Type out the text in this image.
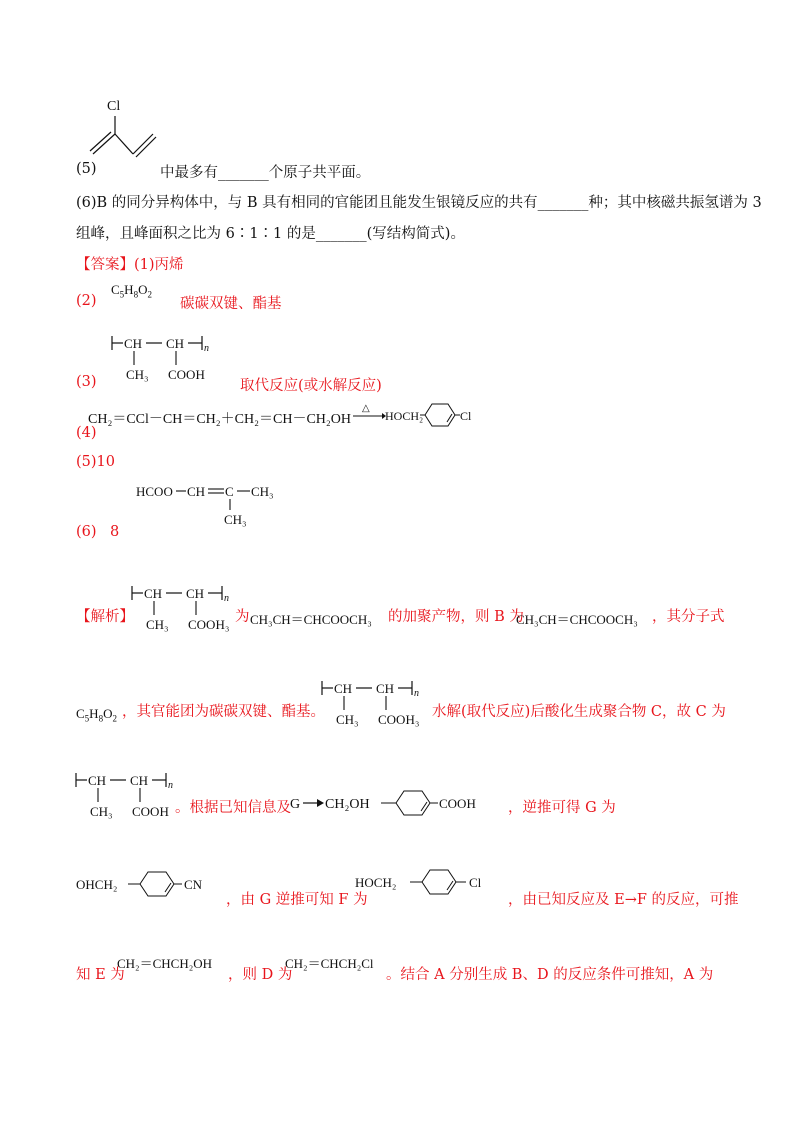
Cl
(5)	中最多有_______个原子共平面。
(6)B 的同分异构体中，与 B 具有相同的官能团且能发生银镜反应的共有_______种；其中核磁共振氢谱为 3
组峰，且峰面积之比为 6∶1∶1 的是_______(写结构简式)。
【答案】(1)丙烯
(2)
$C_5H_8O_2$
碳碳双键、酯基
CH CH n
CH₃ COOH
(3)	取代反应(或水解反应)
CH₂＝CCl－CH＝CH₂＋CH₂＝CH－CH₂OH
△
HOCH₂	Cl
(4)
(5)10
HCOO CH C CH₃
CH₃
(6) 8
【解析】
CH CH n
CH₃ COOH₃ 为 CH₃CH＝CHCOOCH₃ 的加聚产物，则 B 为
CH₃CH＝CHCOOCH₃ ，其分子式
$C_5H_8O_2$ ，其官能团为碳碳双键、酯基。
CH CH n
CH₃ COOH₃ 水解(取代反应)后酸化生成聚合物 C，故 C 为
CH CH n
CH₃ COOH 。根据已知信息及 G CH₂OH	COOH ，逆推可得 G 为
OHCH₂	CN
，由 G 逆推可知 F 为
HOCH₂	Cl
，由已知反应及 E→F 的反应，可推
知 E 为
CH₂＝CHCH₂OH
，则 D 为
CH₂＝CHCH₂Cl
。结合 A 分别生成 B、D 的反应条件可推知，A 为
